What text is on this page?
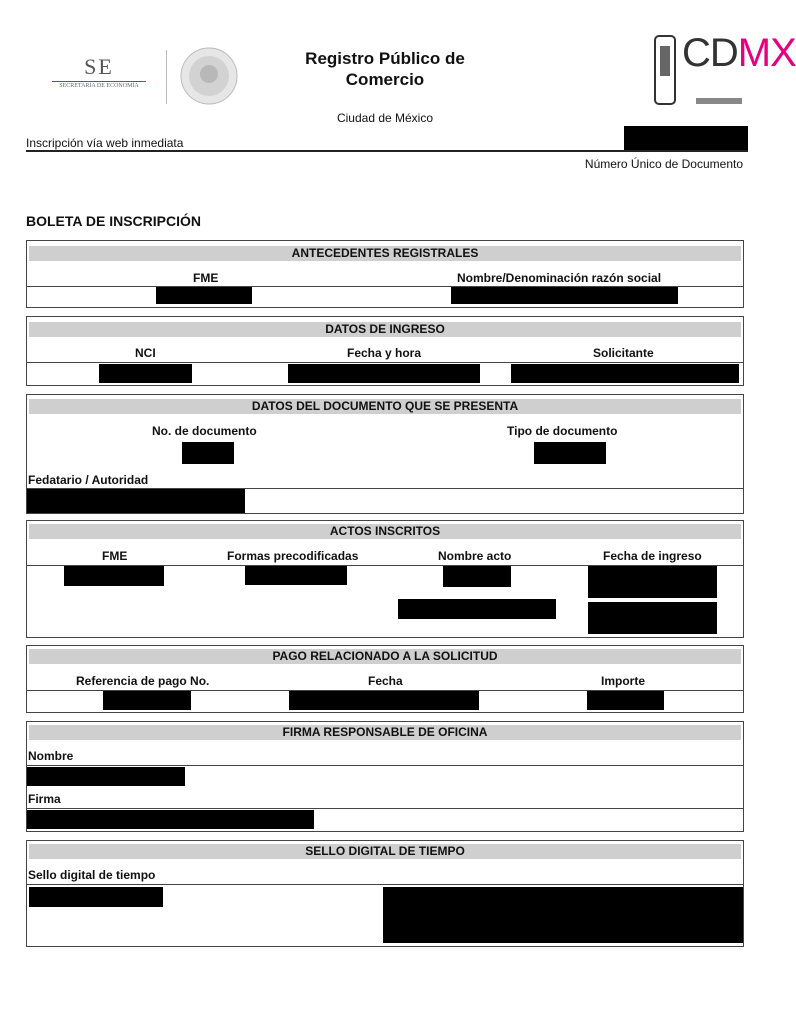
SE
SECRETARÍA DE ECONOMÍA
Registro Público de Comercio
Ciudad de México
CDMX
Inscripción vía web inmediata
Número Único de Documento
BOLETA DE INSCRIPCIÓN
ANTECEDENTES REGISTRALES
FME	Nombre/Denominación razón social
DATOS DE INGRESO
NCI	Fecha y hora	Solicitante
DATOS DEL DOCUMENTO QUE SE PRESENTA
No. de documento	Tipo de documento
Fedatario / Autoridad
ACTOS INSCRITOS
FME	Formas precodificadas	Nombre acto	Fecha de ingreso
PAGO RELACIONADO A LA SOLICITUD
Referencia de pago No.	Fecha	Importe
FIRMA RESPONSABLE DE OFICINA
Nombre
Firma
SELLO DIGITAL DE TIEMPO
Sello digital de tiempo
